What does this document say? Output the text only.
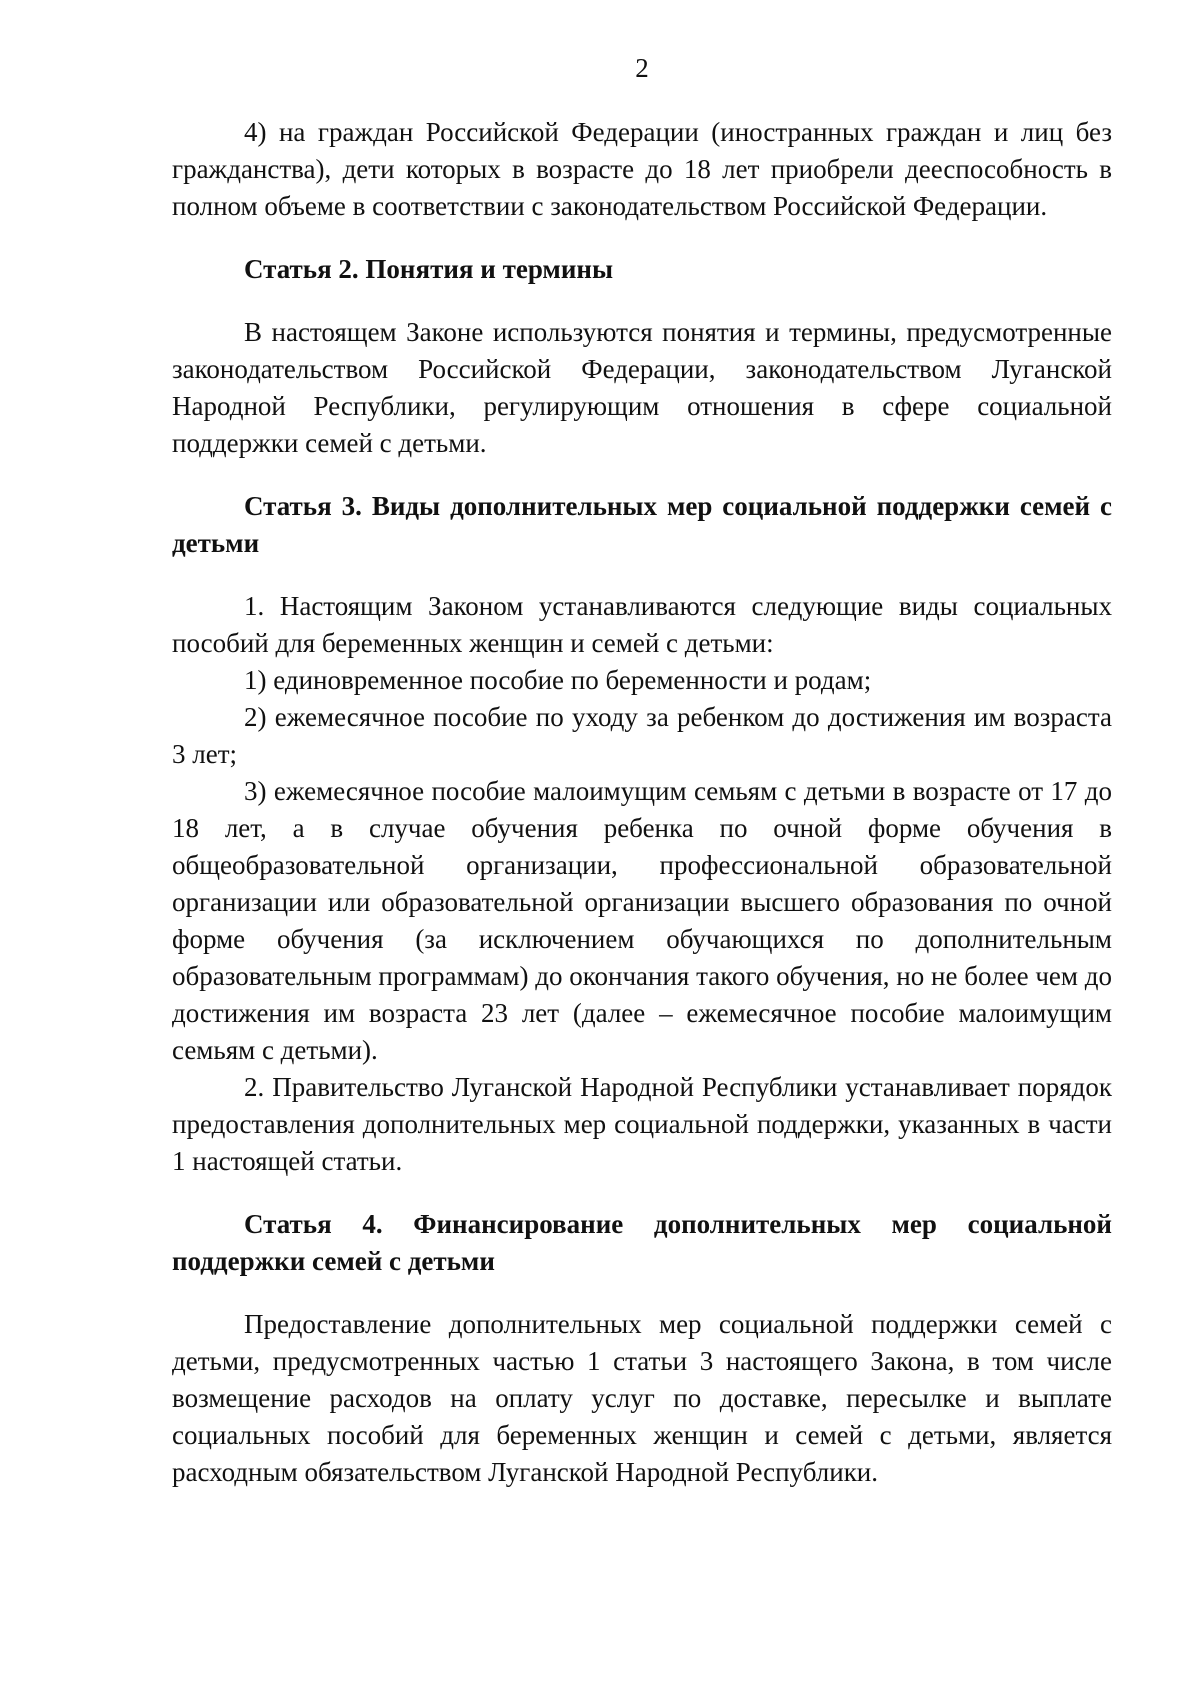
2

4) на граждан Российской Федерации (иностранных граждан и лиц без гражданства), дети которых в возрасте до 18 лет приобрели дееспособность в полном объеме в соответствии с законодательством Российской Федерации.

Статья 2. Понятия и термины

В настоящем Законе используются понятия и термины, предусмотренные законодательством Российской Федерации, законодательством Луганской Народной Республики, регулирующим отношения в сфере социальной поддержки семей с детьми.

Статья 3. Виды дополнительных мер социальной поддержки семей с детьми

1. Настоящим Законом устанавливаются следующие виды социальных пособий для беременных женщин и семей с детьми:

1) единовременное пособие по беременности и родам;

2) ежемесячное пособие по уходу за ребенком до достижения им возраста 3 лет;

3) ежемесячное пособие малоимущим семьям с детьми в возрасте от 17 до 18 лет, а в случае обучения ребенка по очной форме обучения в общеобразовательной организации, профессиональной образовательной организации или образовательной организации высшего образования по очной форме обучения (за исключением обучающихся по дополнительным образовательным программам) до окончания такого обучения, но не более чем до достижения им возраста 23 лет (далее – ежемесячное пособие малоимущим семьям с детьми).

2. Правительство Луганской Народной Республики устанавливает порядок предоставления дополнительных мер социальной поддержки, указанных в части 1 настоящей статьи.

Статья 4. Финансирование дополнительных мер социальной поддержки семей с детьми

Предоставление дополнительных мер социальной поддержки семей с детьми, предусмотренных частью 1 статьи 3 настоящего Закона, в том числе возмещение расходов на оплату услуг по доставке, пересылке и выплате социальных пособий для беременных женщин и семей с детьми, является расходным обязательством Луганской Народной Республики.
